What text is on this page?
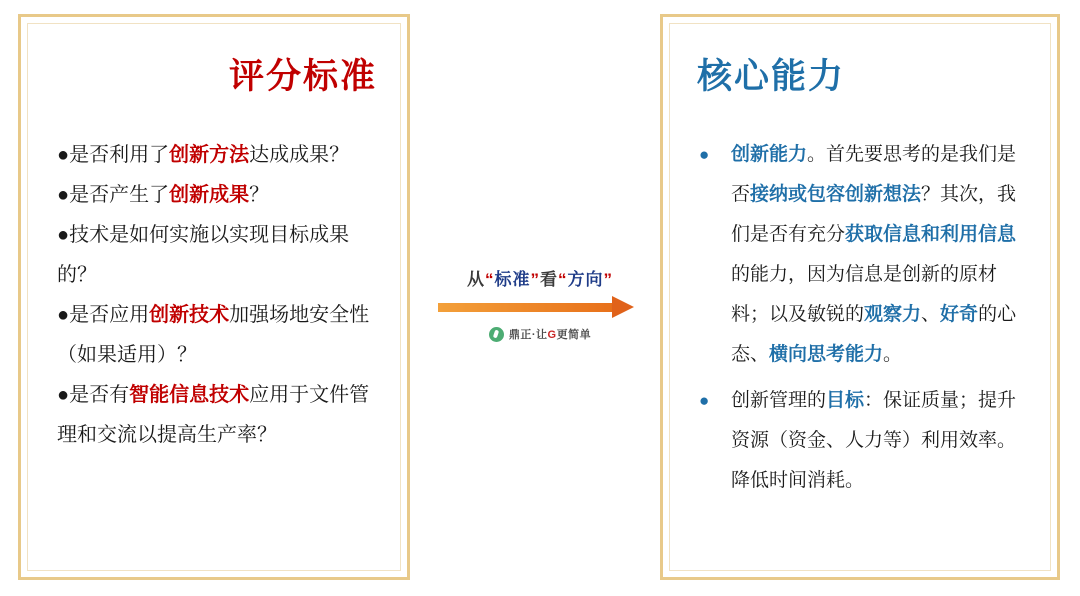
评分标准

●是否利用了创新方法达成成果？

●是否产生了创新成果？

●技术是如何实施以实现目标成果的？

●是否应用创新技术加强场地安全性（如果适用）？

●是否有智能信息技术应用于文件管理和交流以提高生产率？

从“标准”看“方向”
鼎正·让G更简单
核心能力
● 创新能力。首先要思考的是我们是否接纳或包容创新想法？其次，我们是否有充分获取信息和利用信息的能力，因为信息是创新的原材料；以及敏锐的观察力、好奇的心态、横向思考能力。
● 创新管理的目标：保证质量；提升资源（资金、人力等）利用效率。降低时间消耗。
